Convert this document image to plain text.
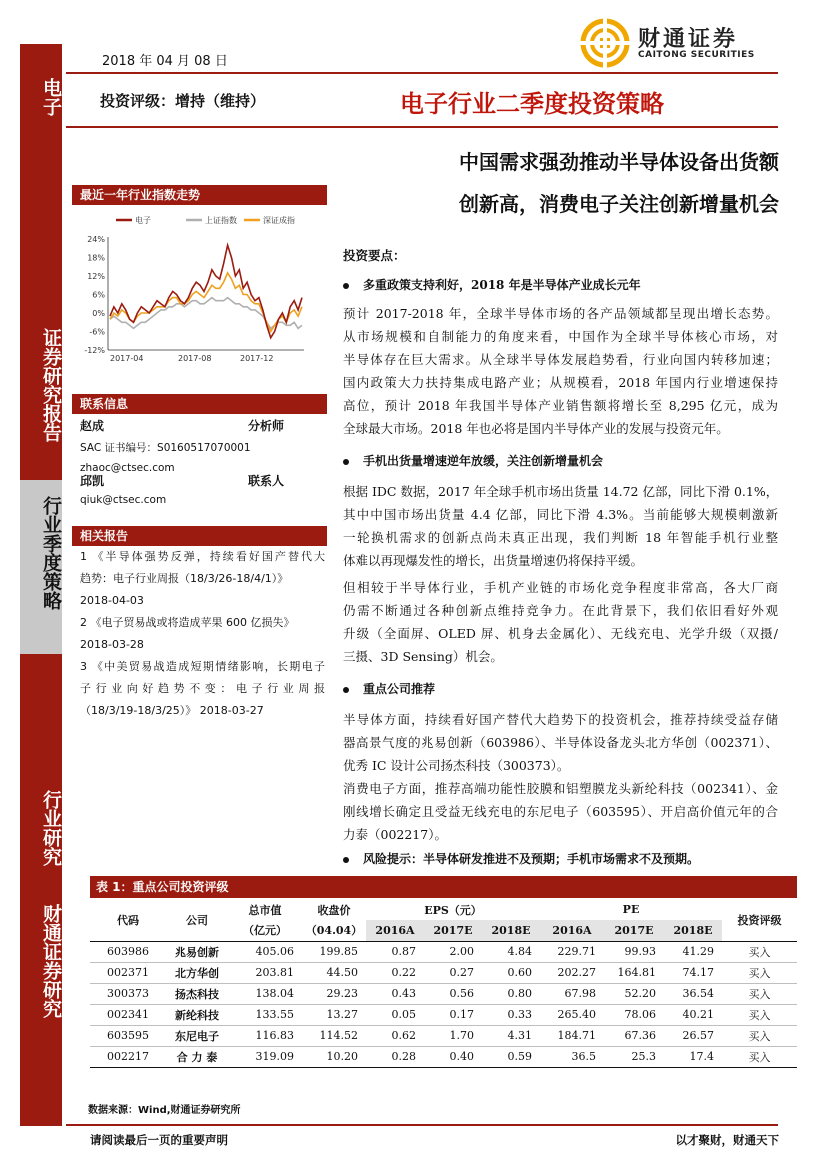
电子
证券研究报告
行业季度策略
行业研究
财通证券研究
2018 年 04 月 08 日
投资评级：增持（维持）	电子行业二季度投资策略
财通证券
CAITONG SECURITIES
中国需求强劲推动半导体设备出货额
创新高，消费电子关注创新增量机会
最近一年行业指数走势
电子	上证指数	深证成指
24%
18%
12%
6%
0%
-6%
-12%
2017-04	2017-08	2017-12
联系信息
赵成	分析师
SAC 证书编号：S0160517070001
zhaoc@ctsec.com
邱凯	联系人
qiuk@ctsec.com
相关报告
1 《半导体强势反弹，持续看好国产替代大
趋势：电子行业周报（18/3/26-18/4/1）》
2018-04-03
2 《电子贸易战或将造成苹果 600 亿损失》
2018-03-28
3 《中美贸易战造成短期情绪影响，长期电子
子行业向好趋势不变：电子行业周报
（18/3/19-18/3/25）》 2018-03-27
投资要点：
多重政策支持利好，2018 年是半导体产业成长元年
预计 2017-2018 年，全球半导体市场的各产品领域都呈现出增长态势。
从市场规模和自制能力的角度来看，中国作为全球半导体核心市场，对
半导体存在巨大需求。从全球半导体发展趋势看，行业向国内转移加速；
国内政策大力扶持集成电路产业；从规模看，2018 年国内行业增速保持
高位，预计 2018 年我国半导体产业销售额将增长至 8,295 亿元，成为
全球最大市场。2018 年也必将是国内半导体产业的发展与投资元年。
手机出货量增速逆年放缓，关注创新增量机会
根据 IDC 数据，2017 年全球手机市场出货量 14.72 亿部，同比下滑 0.1%，
其中中国市场出货量 4.4 亿部，同比下滑 4.3%。当前能够大规模刺激新
一轮换机需求的创新点尚未真正出现，我们判断 18 年智能手机行业整
体难以再现爆发性的增长，出货量增速仍将保持平缓。
但相较于半导体行业，手机产业链的市场化竞争程度非常高，各大厂商
仍需不断通过各种创新点维持竞争力。在此背景下，我们依旧看好外观
升级（全面屏、OLED 屏、机身去金属化）、无线充电、光学升级（双摄/
三摄、3D Sensing）机会。
重点公司推荐
半导体方面，持续看好国产替代大趋势下的投资机会，推荐持续受益存储
器高景气度的兆易创新（603986）、半导体设备龙头北方华创（002371）、
优秀 IC 设计公司扬杰科技（300373）。
消费电子方面，推荐高端功能性胶膜和铝塑膜龙头新纶科技（002341）、金
刚线增长确定且受益无线充电的东尼电子（603595）、开启高价值元年的合
力泰（002217）。
风险提示：半导体研发推进不及预期；手机市场需求不及预期。
表 1：重点公司投资评级
代码	公司	总市值	收盘价	EPS（元）			PE			投资评级
		（亿元）	（04.04）	2016A	2017E	2018E	2016A	2017E	2018E	
603986	兆易创新	405.06	199.85	0.87	2.00	4.84	229.71	99.93	41.29	买入
002371	北方华创	203.81	44.50	0.22	0.27	0.60	202.27	164.81	74.17	买入
300373	扬杰科技	138.04	29.23	0.43	0.56	0.80	67.98	52.20	36.54	买入
002341	新纶科技	133.55	13.27	0.05	0.17	0.33	265.40	78.06	40.21	买入
603595	东尼电子	116.83	114.52	0.62	1.70	4.31	184.71	67.36	26.57	买入
002217	合 力 泰	319.09	10.20	0.28	0.40	0.59	36.5	25.3	17.4	买入
数据来源：Wind,财通证券研究所
请阅读最后一页的重要声明	以才聚财，财通天下
